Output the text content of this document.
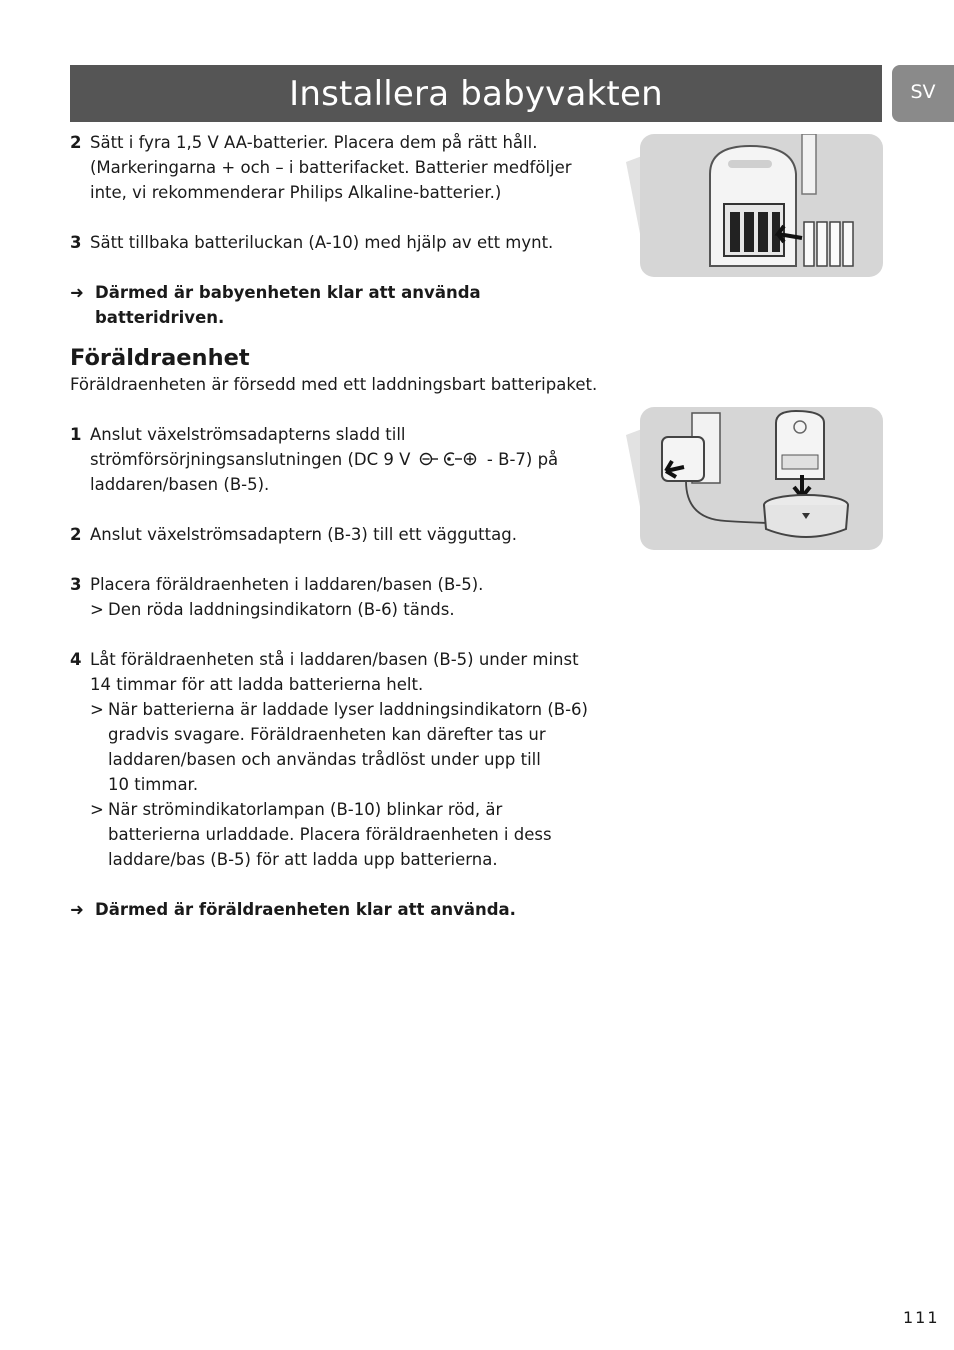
Installera babyvakten	SV
2 Sätt i fyra 1,5 V AA-batterier. Placera dem på rätt håll.
(Markeringarna + och – i batterifacket. Batterier medföljer
inte, vi rekommenderar Philips Alkaline-batterier.)
3 Sätt tillbaka batteriluckan (A-10) med hjälp av ett mynt.
➜ Därmed är babyenheten klar att använda
batteridriven.
Föräldraenhet
Föräldraenheten är försedd med ett laddningsbart batteripaket.
1 Anslut växelströmsadapterns sladd till
strömförsörjningsanslutningen (DC 9 V	- B-7) på
laddaren/basen (B-5).
2 Anslut växelströmsadaptern (B-3) till ett vägguttag.
3 Placera föräldraenheten i laddaren/basen (B-5).
> Den röda laddningsindikatorn (B-6) tänds.
4 Låt föräldraenheten stå i laddaren/basen (B-5) under minst
14 timmar för att ladda batterierna helt.
> När batterierna är laddade lyser laddningsindikatorn (B-6)
gradvis svagare. Föräldraenheten kan därefter tas ur
laddaren/basen och användas trådlöst under upp till
10 timmar.
> När strömindikatorlampan (B-10) blinkar röd, är
batterierna urladdade. Placera föräldraenheten i dess
laddare/bas (B-5) för att ladda upp batterierna.
➜ Därmed är föräldraenheten klar att använda.
111
